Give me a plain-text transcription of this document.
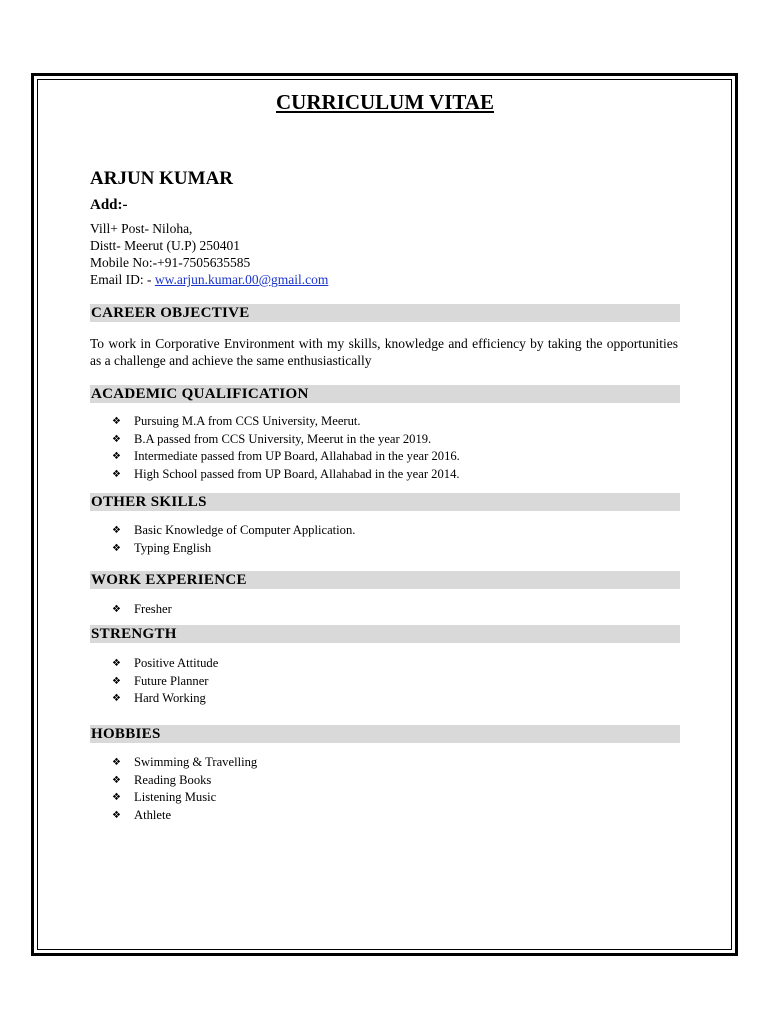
CURRICULUM VITAE
ARJUN KUMAR
Add:-
Vill+ Post- Niloha,
Distt- Meerut (U.P) 250401
Mobile No:-+91-7505635585
Email ID: - ww.arjun.kumar.00@gmail.com
CAREER OBJECTIVE
To work in Corporative Environment with my skills, knowledge and efficiency by taking the opportunities as a challenge and achieve the same enthusiastically
ACADEMIC QUALIFICATION
❖ Pursuing M.A from CCS University, Meerut.
❖ B.A passed from CCS University, Meerut in the year 2019.
❖ Intermediate passed from UP Board, Allahabad in the year 2016.
❖ High School passed from UP Board, Allahabad in the year 2014.
OTHER SKILLS
❖ Basic Knowledge of Computer Application.
❖ Typing English
WORK EXPERIENCE
❖ Fresher
STRENGTH
❖ Positive Attitude
❖ Future Planner
❖ Hard Working
HOBBIES
❖ Swimming & Travelling
❖ Reading Books
❖ Listening Music
❖ Athlete
